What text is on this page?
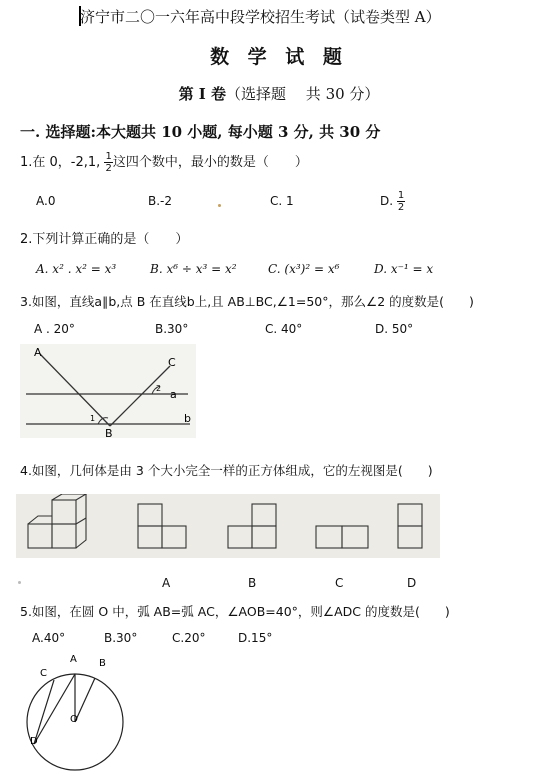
济宁市二〇一六年高中段学校招生考试（试卷类型 A）
数 学 试 题
第 I 卷（选择题　 共 30 分）
一. 选择题:本大题共 10 小题, 每小题 3 分, 共 30 分
1.在 0，-2,1, $\frac{1}{2}$ 这四个数中，最小的数是（　　）
A.0	B.-2	C. 1	D. $\frac{1}{2}$
2.下列计算正确的是（　　）
A. x² . x² = x³	B. x⁶ ÷ x³ = x²	C. (x³)² = x⁶	D. x⁻¹ = x
3.如图，直线a∥b,点 B 在直线b上,且 AB⊥BC,∠1=50°，那么∠2 的度数是(　　)
A . 20°	B.30°	C. 40°	D. 50°
A
C
a
b
B
1
2
4.如图，几何体是由 3 个大小完全一样的正方体组成，它的左视图是(　　)
A	B	C	D
5.如图，在圆 O 中，弧 AB=弧 AC，∠AOB=40°，则∠ADC 的度数是(　　)
A.40°	B.30°	C.20°	D.15°
A B
C
D
O
